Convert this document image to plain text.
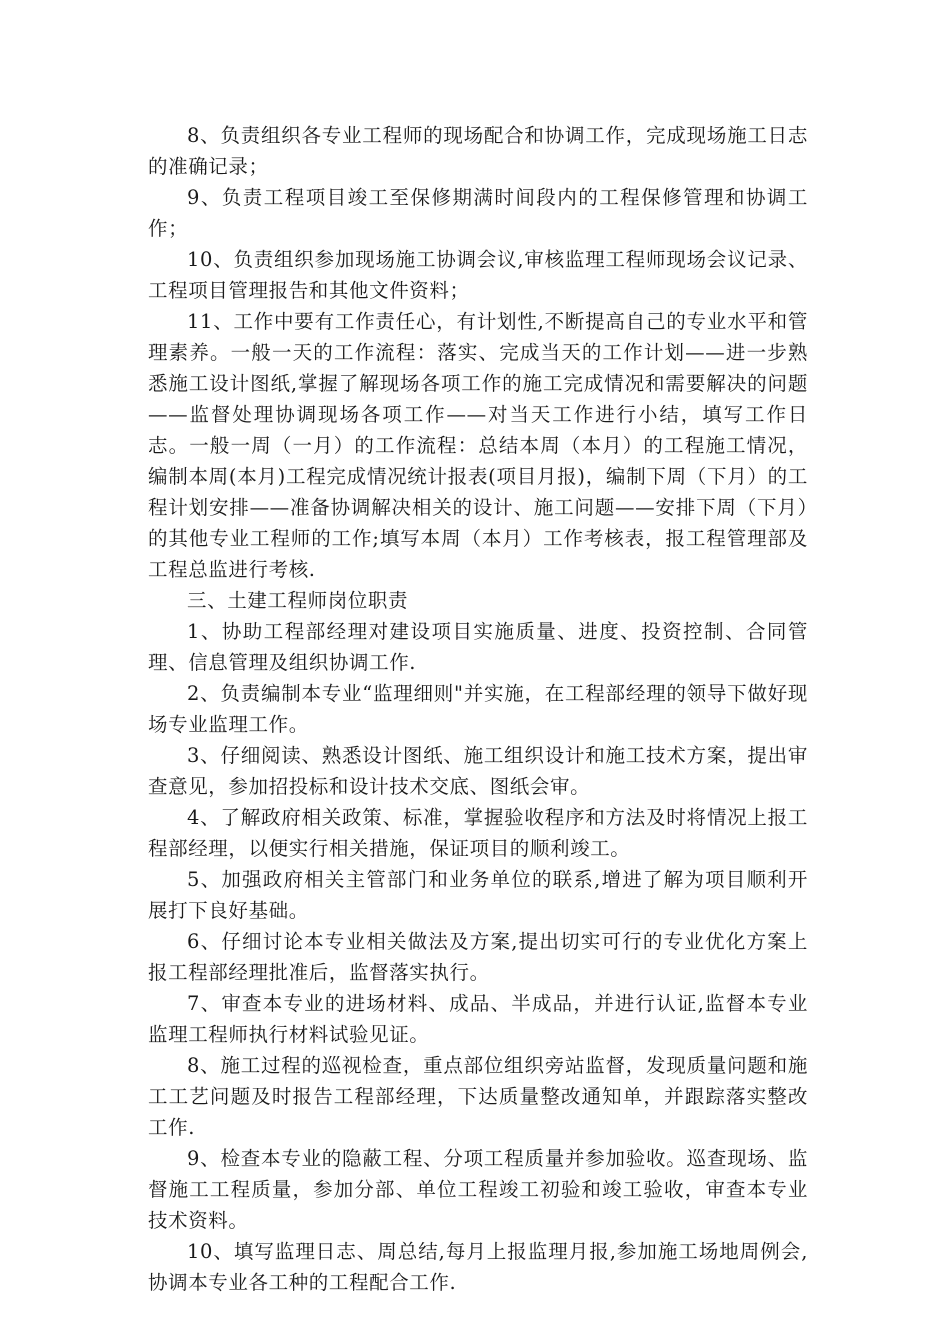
8、负责组织各专业工程师的现场配合和协调工作，完成现场施工日志的准确记录；

9、负责工程项目竣工至保修期满时间段内的工程保修管理和协调工作；

10、负责组织参加现场施工协调会议,审核监理工程师现场会议记录、工程项目管理报告和其他文件资料；

11、工作中要有工作责任心，有计划性,不断提高自己的专业水平和管理素养。一般一天的工作流程：落实、完成当天的工作计划——进一步熟悉施工设计图纸,掌握了解现场各项工作的施工完成情况和需要解决的问题——监督处理协调现场各项工作——对当天工作进行小结，填写工作日志。一般一周（一月）的工作流程：总结本周（本月）的工程施工情况，编制本周(本月)工程完成情况统计报表(项目月报)，编制下周（下月）的工程计划安排——准备协调解决相关的设计、施工问题——安排下周（下月）的其他专业工程师的工作;填写本周（本月）工作考核表，报工程管理部及工程总监进行考核.

三、土建工程师岗位职责

1、协助工程部经理对建设项目实施质量、进度、投资控制、合同管理、信息管理及组织协调工作.

2、负责编制本专业“监理细则"并实施，在工程部经理的领导下做好现场专业监理工作。

3、仔细阅读、熟悉设计图纸、施工组织设计和施工技术方案，提出审查意见，参加招投标和设计技术交底、图纸会审。

4、了解政府相关政策、标准，掌握验收程序和方法及时将情况上报工程部经理，以便实行相关措施，保证项目的顺利竣工。

5、加强政府相关主管部门和业务单位的联系,增进了解为项目顺利开展打下良好基础。

6、仔细讨论本专业相关做法及方案,提出切实可行的专业优化方案上报工程部经理批准后，监督落实执行。

7、审查本专业的进场材料、成品、半成品，并进行认证,监督本专业监理工程师执行材料试验见证。

8、施工过程的巡视检查，重点部位组织旁站监督，发现质量问题和施工工艺问题及时报告工程部经理，下达质量整改通知单，并跟踪落实整改工作.

9、检查本专业的隐蔽工程、分项工程质量并参加验收。巡查现场、监督施工工程质量，参加分部、单位工程竣工初验和竣工验收，审查本专业技术资料。

10、填写监理日志、周总结,每月上报监理月报,参加施工场地周例会,协调本专业各工种的工程配合工作.
